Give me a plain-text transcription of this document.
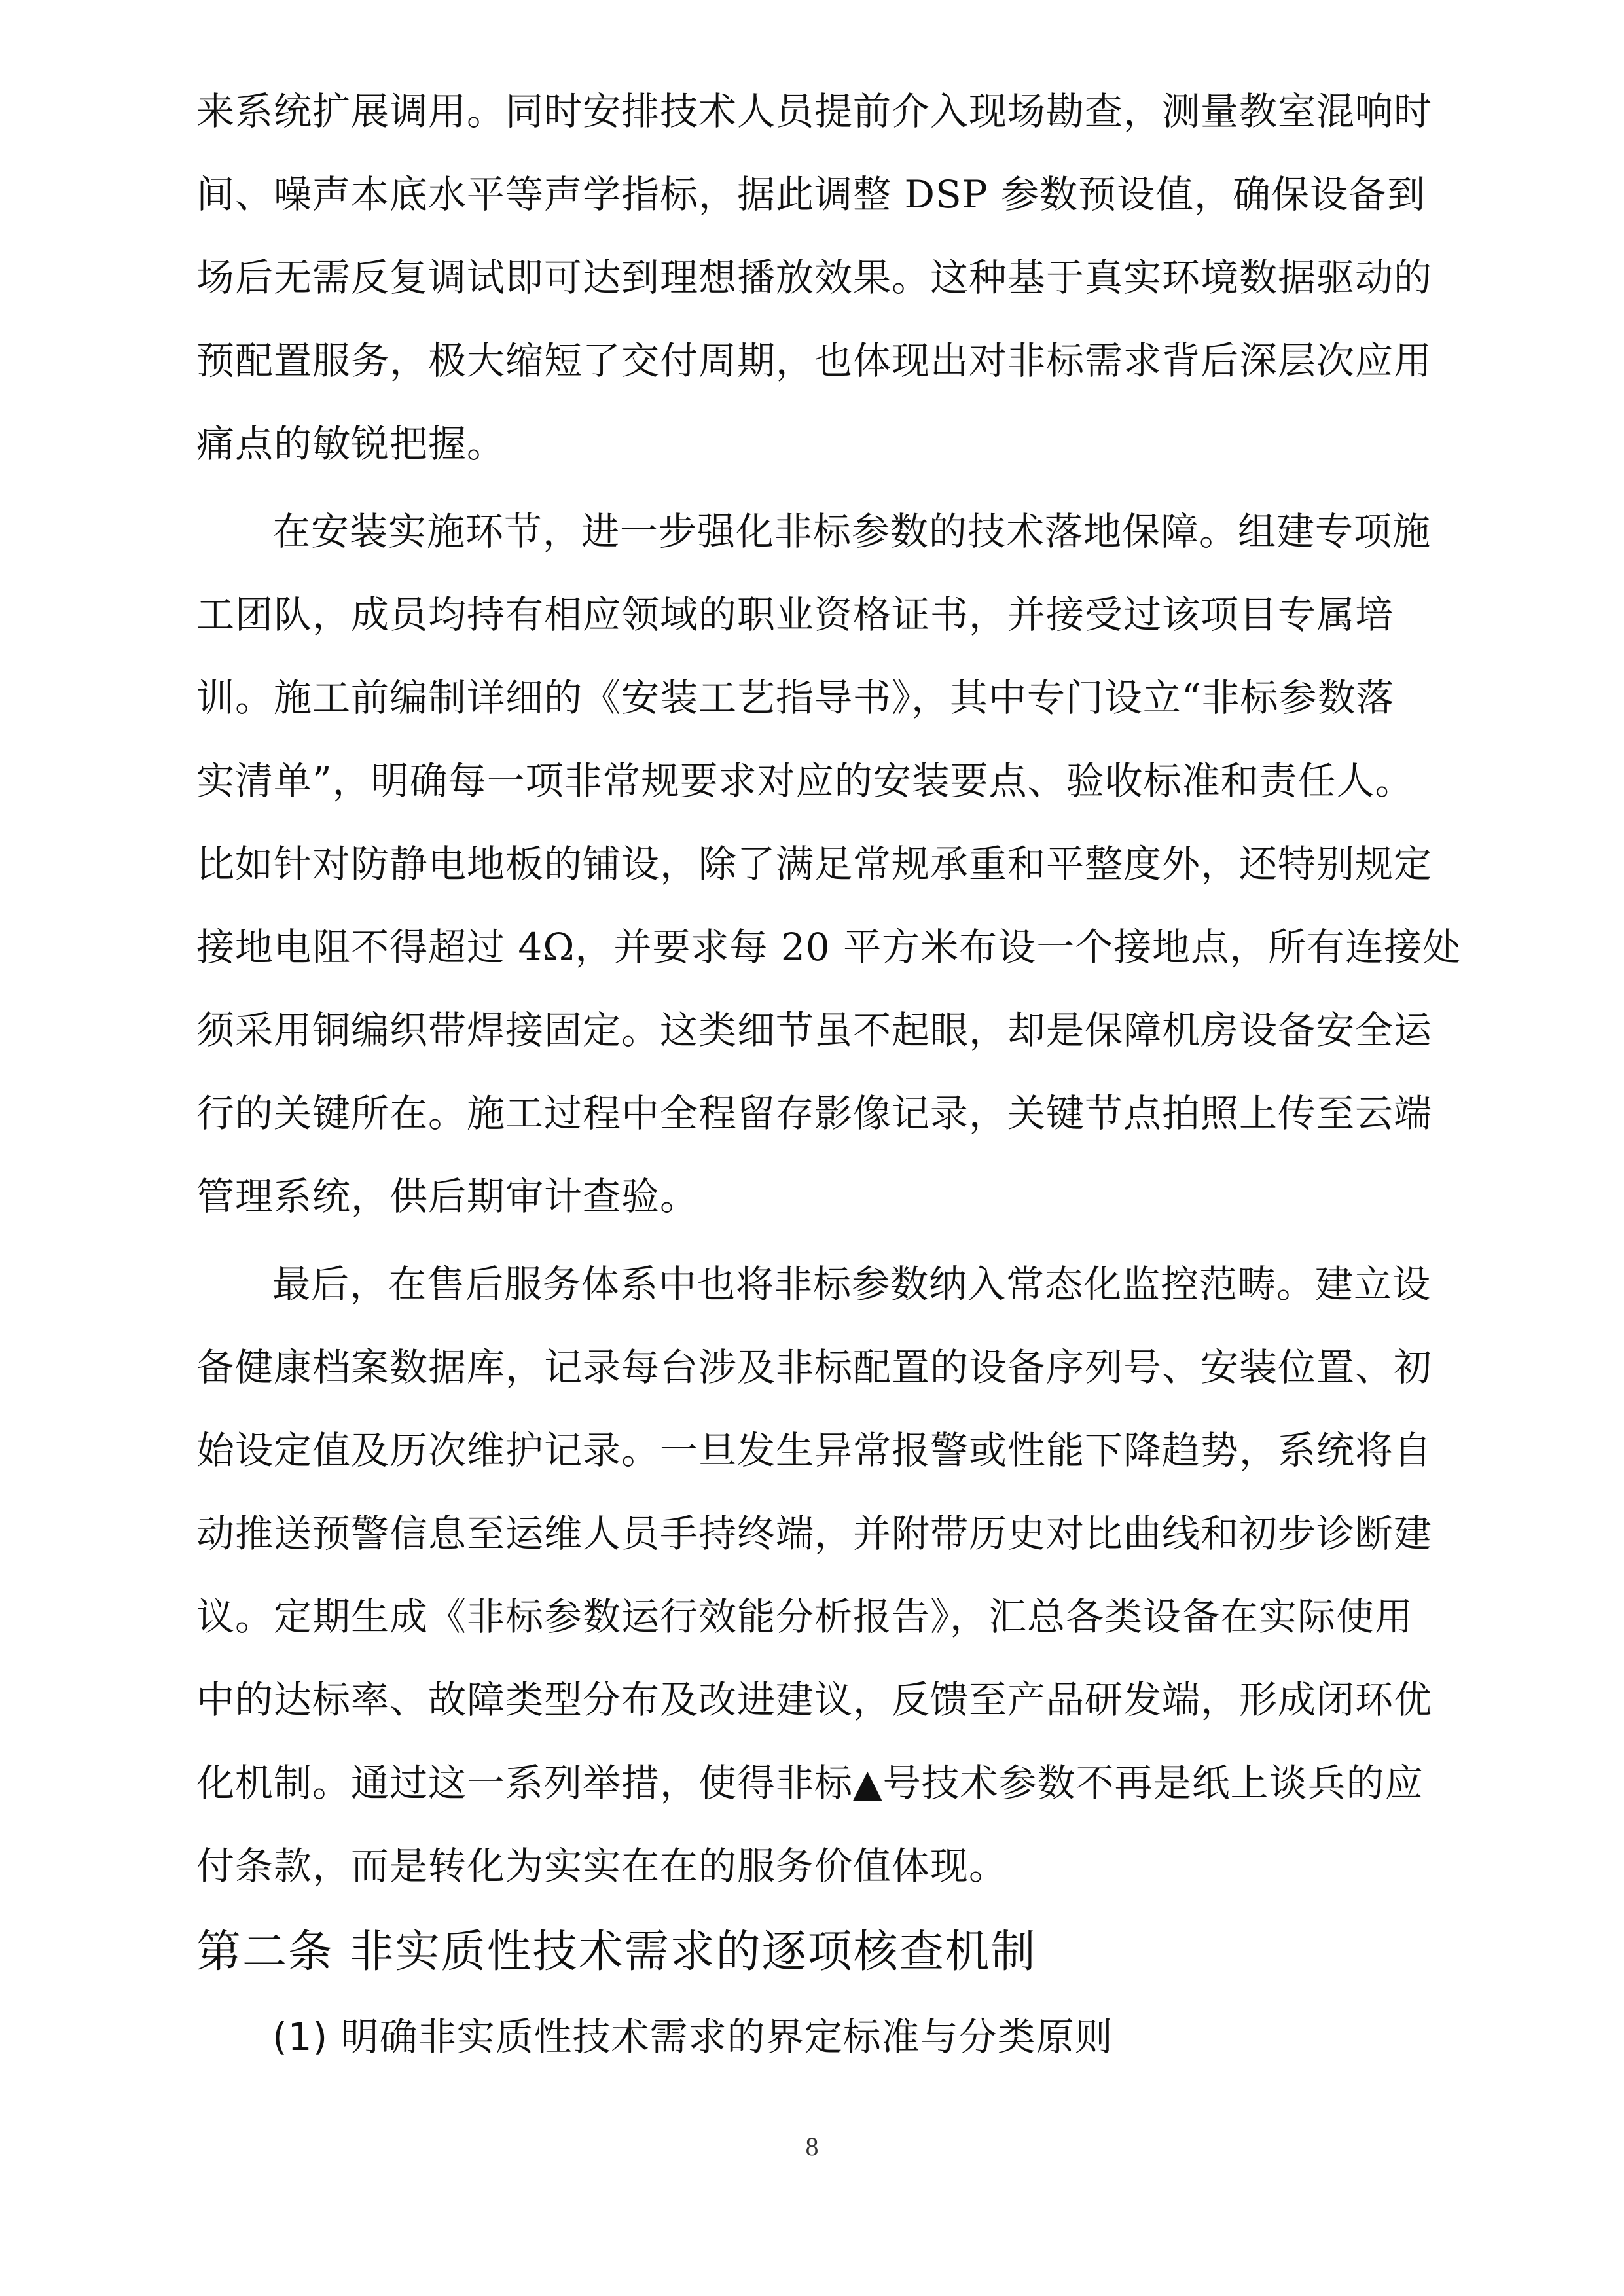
来系统扩展调用。同时安排技术人员提前介入现场勘查，测量教室混响时
间、噪声本底水平等声学指标，据此调整 DSP 参数预设值，确保设备到
场后无需反复调试即可达到理想播放效果。这种基于真实环境数据驱动的
预配置服务，极大缩短了交付周期，也体现出对非标需求背后深层次应用
痛点的敏锐把握。
在安装实施环节，进一步强化非标参数的技术落地保障。组建专项施
工团队，成员均持有相应领域的职业资格证书，并接受过该项目专属培
训。施工前编制详细的《安装工艺指导书》，其中专门设立“非标参数落
实清单”，明确每一项非常规要求对应的安装要点、验收标准和责任人。
比如针对防静电地板的铺设，除了满足常规承重和平整度外，还特别规定
接地电阻不得超过 4Ω，并要求每 20 平方米布设一个接地点，所有连接处
须采用铜编织带焊接固定。这类细节虽不起眼，却是保障机房设备安全运
行的关键所在。施工过程中全程留存影像记录，关键节点拍照上传至云端
管理系统，供后期审计查验。
最后，在售后服务体系中也将非标参数纳入常态化监控范畴。建立设
备健康档案数据库，记录每台涉及非标配置的设备序列号、安装位置、初
始设定值及历次维护记录。一旦发生异常报警或性能下降趋势，系统将自
动推送预警信息至运维人员手持终端，并附带历史对比曲线和初步诊断建
议。定期生成《非标参数运行效能分析报告》，汇总各类设备在实际使用
中的达标率、故障类型分布及改进建议，反馈至产品研发端，形成闭环优
化机制。通过这一系列举措，使得非标▲号技术参数不再是纸上谈兵的应
付条款，而是转化为实实在在的服务价值体现。
第二条 非实质性技术需求的逐项核查机制
(1) 明确非实质性技术需求的界定标准与分类原则
8
